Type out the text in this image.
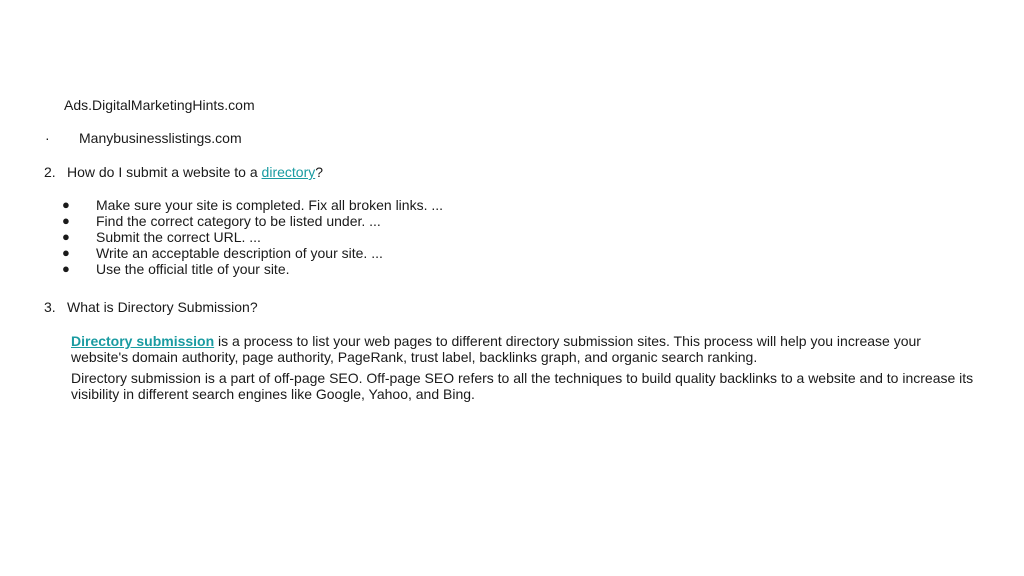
Ads.DigitalMarketingHints.com
· Manybusinesslistings.com
2. How do I submit a website to a directory?
● Make sure your site is completed. Fix all broken links. ...
● Find the correct category to be listed under. ...
● Submit the correct URL. ...
● Write an acceptable description of your site. ...
● Use the official title of your site.
3. What is Directory Submission?
Directory submission is a process to list your web pages to different directory submission sites. This process will help you increase your website's domain authority, page authority, PageRank, trust label, backlinks graph, and organic search ranking.
Directory submission is a part of off-page SEO. Off-page SEO refers to all the techniques to build quality backlinks to a website and to increase its visibility in different search engines like Google, Yahoo, and Bing.
